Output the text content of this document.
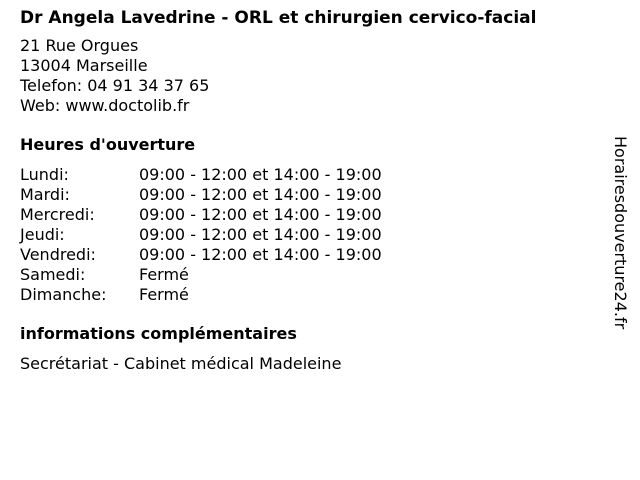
Dr Angela Lavedrine - ORL et chirurgien cervico-facial
21 Rue Orgues
13004 Marseille
Telefon: 04 91 34 37 65
Web: www.doctolib.fr
Heures d'ouverture
Lundi:	09:00 - 12:00 et 14:00 - 19:00
Mardi:	09:00 - 12:00 et 14:00 - 19:00
Mercredi:	09:00 - 12:00 et 14:00 - 19:00
Jeudi:	09:00 - 12:00 et 14:00 - 19:00
Vendredi:	09:00 - 12:00 et 14:00 - 19:00
Samedi:	Fermé
Dimanche:	Fermé
informations complémentaires
Secrétariat - Cabinet médical Madeleine
Horairesdouverture24.fr
